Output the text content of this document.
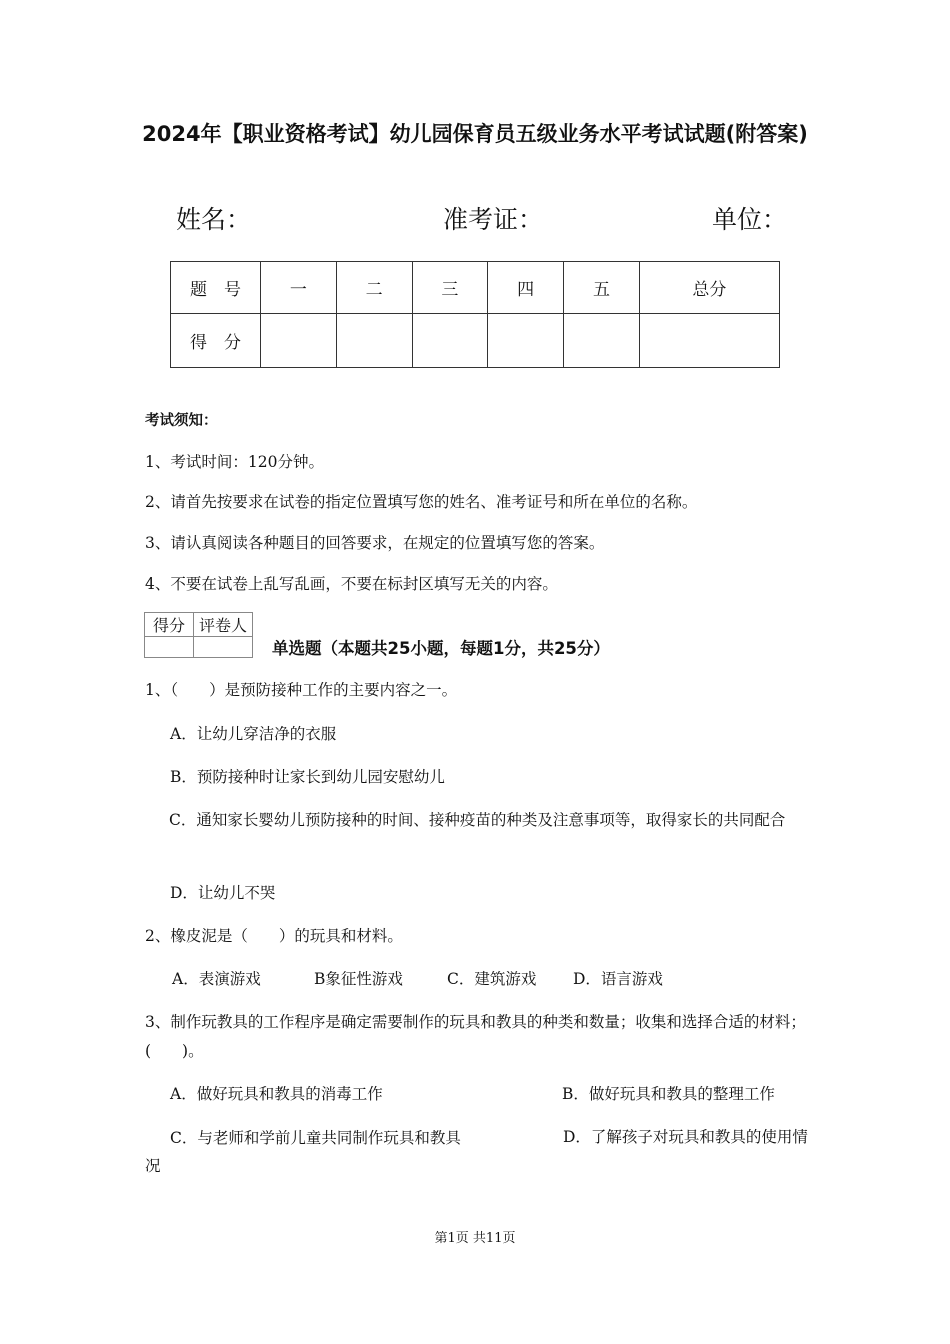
2024年【职业资格考试】幼儿园保育员五级业务水平考试试题(附答案)
姓名：	准考证：	单位：
题　号	一	二	三	四	五	总分
得　分						
考试须知：
1、考试时间：120分钟。
2、请首先按要求在试卷的指定位置填写您的姓名、准考证号和所在单位的名称。
3、请认真阅读各种题目的回答要求，在规定的位置填写您的答案。
4、不要在试卷上乱写乱画，不要在标封区填写无关的内容。
得分	评卷人

单选题（本题共25小题，每题1分，共25分）
1、（　　）是预防接种工作的主要内容之一。
A．让幼儿穿洁净的衣服
B．预防接种时让家长到幼儿园安慰幼儿
C．通知家长婴幼儿预防接种的时间、接种疫苗的种类及注意事项等，取得家长的共同配合
D．让幼儿不哭
2、橡皮泥是（　　）的玩具和材料。
A．表演游戏	B象征性游戏	C．建筑游戏 D．语言游戏
3、制作玩教具的工作程序是确定需要制作的玩具和教具的种类和数量；收集和选择合适的材料；(　　)。
A．做好玩具和教具的消毒工作	B．做好玩具和教具的整理工作
C．与老师和学前儿童共同制作玩具和教具	D．了解孩子对玩具和教具的使用情况
第1页 共11页
